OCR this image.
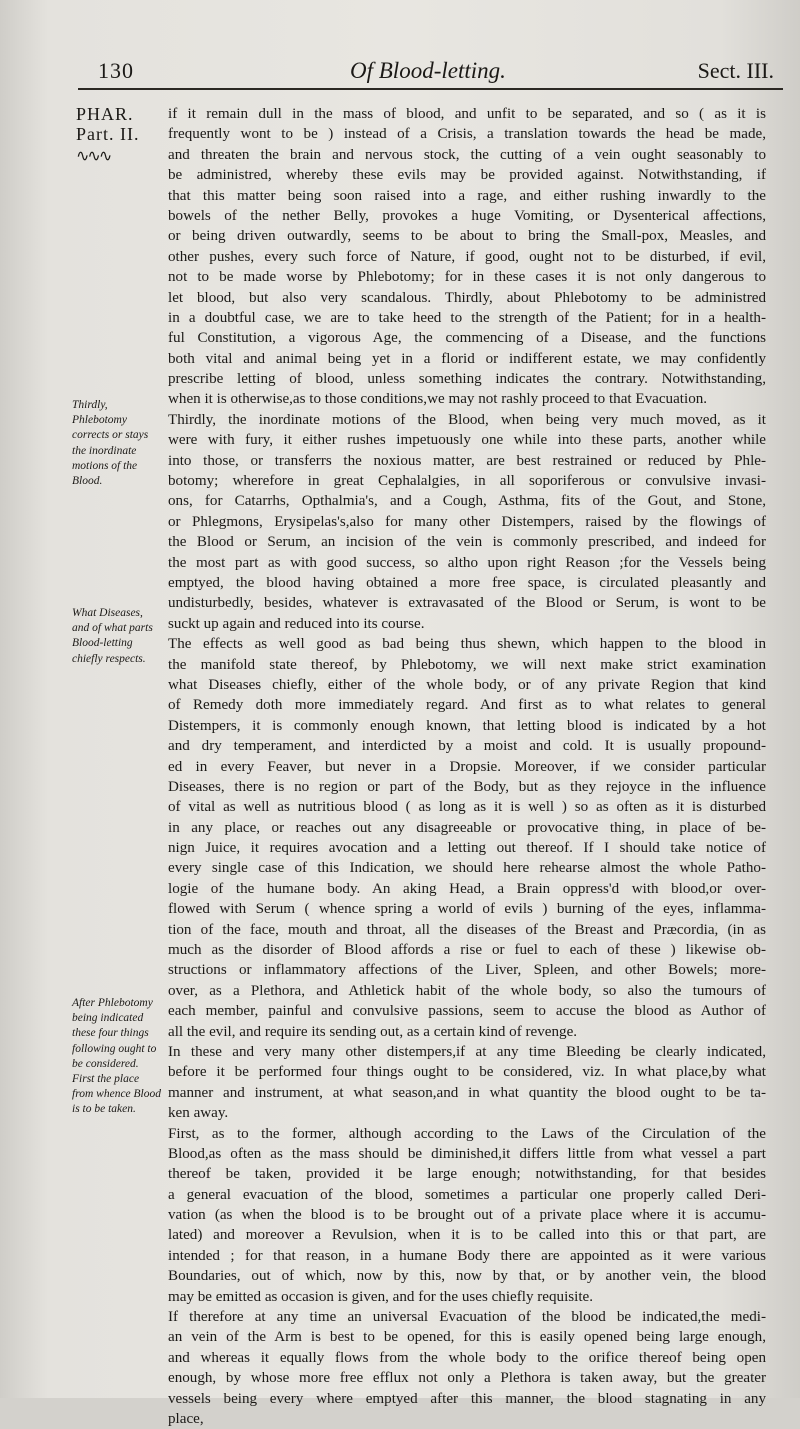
130	Of Blood-letting.	Sect. III.
PHAR.
Part. II.
∿∿∿
Thirdly, Phlebotomy corrects or stays the inordinate motions of the Blood.
What Diseases, and of what parts Blood-letting chiefly respects.
After Phlebotomy being indicated these four things following ought to be considered. First the place from whence Blood is to be taken.
if it remain dull in the mass of blood, and unfit to be separated, and so ( as it is
frequently wont to be ) instead of a Crisis, a translation towards the head be made,
and threaten the brain and nervous stock, the cutting of a vein ought seasonably to
be administred, whereby these evils may be provided against. Notwithstanding, if
that this matter being soon raised into a rage, and either rushing inwardly to the
bowels of the nether Belly, provokes a huge Vomiting, or Dysenterical affections,
or being driven outwardly, seems to be about to bring the Small-pox, Measles, and
other pushes, every such force of Nature, if good, ought not to be disturbed, if evil,
not to be made worse by Phlebotomy; for in these cases it is not only dangerous to
let blood, but also very scandalous. Thirdly, about Phlebotomy to be administred
in a doubtful case, we are to take heed to the strength of the Patient; for in a health-
ful Constitution, a vigorous Age, the commencing of a Disease, and the functions
both vital and animal being yet in a florid or indifferent estate, we may confidently
prescribe letting of blood, unless something indicates the contrary. Notwithstanding,
when it is otherwise,as to those conditions,we may not rashly proceed to that Evacuation.
Thirdly, the inordinate motions of the Blood, when being very much moved, as it
were with fury, it either rushes impetuously one while into these parts, another while
into those, or transferrs the noxious matter, are best restrained or reduced by Phle-
botomy; wherefore in great Cephalalgies, in all soporiferous or convulsive invasi-
ons, for Catarrhs, Opthalmia's, and a Cough, Asthma, fits of the Gout, and Stone,
or Phlegmons, Erysipelas's,also for many other Distempers, raised by the flowings of
the Blood or Serum, an incision of the vein is commonly prescribed, and indeed for
the most part as with good success, so altho upon right Reason ;for the Vessels being
emptyed, the blood having obtained a more free space, is circulated pleasantly and
undisturbedly, besides, whatever is extravasated of the Blood or Serum, is wont to be
suckt up again and reduced into its course.
The effects as well good as bad being thus shewn, which happen to the blood in
the manifold state thereof, by Phlebotomy, we will next make strict examination
what Diseases chiefly, either of the whole body, or of any private Region that kind
of Remedy doth more immediately regard. And first as to what relates to general
Distempers, it is commonly enough known, that letting blood is indicated by a hot
and dry temperament, and interdicted by a moist and cold. It is usually propound-
ed in every Feaver, but never in a Dropsie. Moreover, if we consider particular
Diseases, there is no region or part of the Body, but as they rejoyce in the influence
of vital as well as nutritious blood ( as long as it is well ) so as often as it is disturbed
in any place, or reaches out any disagreeable or provocative thing, in place of be-
nign Juice, it requires avocation and a letting out thereof. If I should take notice of
every single case of this Indication, we should here rehearse almost the whole Patho-
logie of the humane body. An aking Head, a Brain oppress'd with blood,or over-
flowed with Serum ( whence spring a world of evils ) burning of the eyes, inflamma-
tion of the face, mouth and throat, all the diseases of the Breast and Præcordia, (in as
much as the disorder of Blood affords a rise or fuel to each of these ) likewise ob-
structions or inflammatory affections of the Liver, Spleen, and other Bowels; more-
over, as a Plethora, and Athletick habit of the whole body, so also the tumours of
each member, painful and convulsive passions, seem to accuse the blood as Author of
all the evil, and require its sending out, as a certain kind of revenge.
In these and very many other distempers,if at any time Bleeding be clearly indicated,
before it be performed four things ought to be considered, viz. In what place,by what
manner and instrument, at what season,and in what quantity the blood ought to be ta-
ken away.
First, as to the former, although according to the Laws of the Circulation of the
Blood,as often as the mass should be diminished,it differs little from what vessel a part
thereof be taken, provided it be large enough; notwithstanding, for that besides
a general evacuation of the blood, sometimes a particular one properly called Deri-
vation (as when the blood is to be brought out of a private place where it is accumu-
lated) and moreover a Revulsion, when it is to be called into this or that part, are
intended ; for that reason, in a humane Body there are appointed as it were various
Boundaries, out of which, now by this, now by that, or by another vein, the blood
may be emitted as occasion is given, and for the uses chiefly requisite.
If therefore at any time an universal Evacuation of the blood be indicated,the medi-
an vein of the Arm is best to be opened, for this is easily opened being large enough,
and whereas it equally flows from the whole body to the orifice thereof being open
enough, by whose more free efflux not only a Plethora is taken away, but the greater
vessels being every where emptyed after this manner, the blood stagnating in any
place,
